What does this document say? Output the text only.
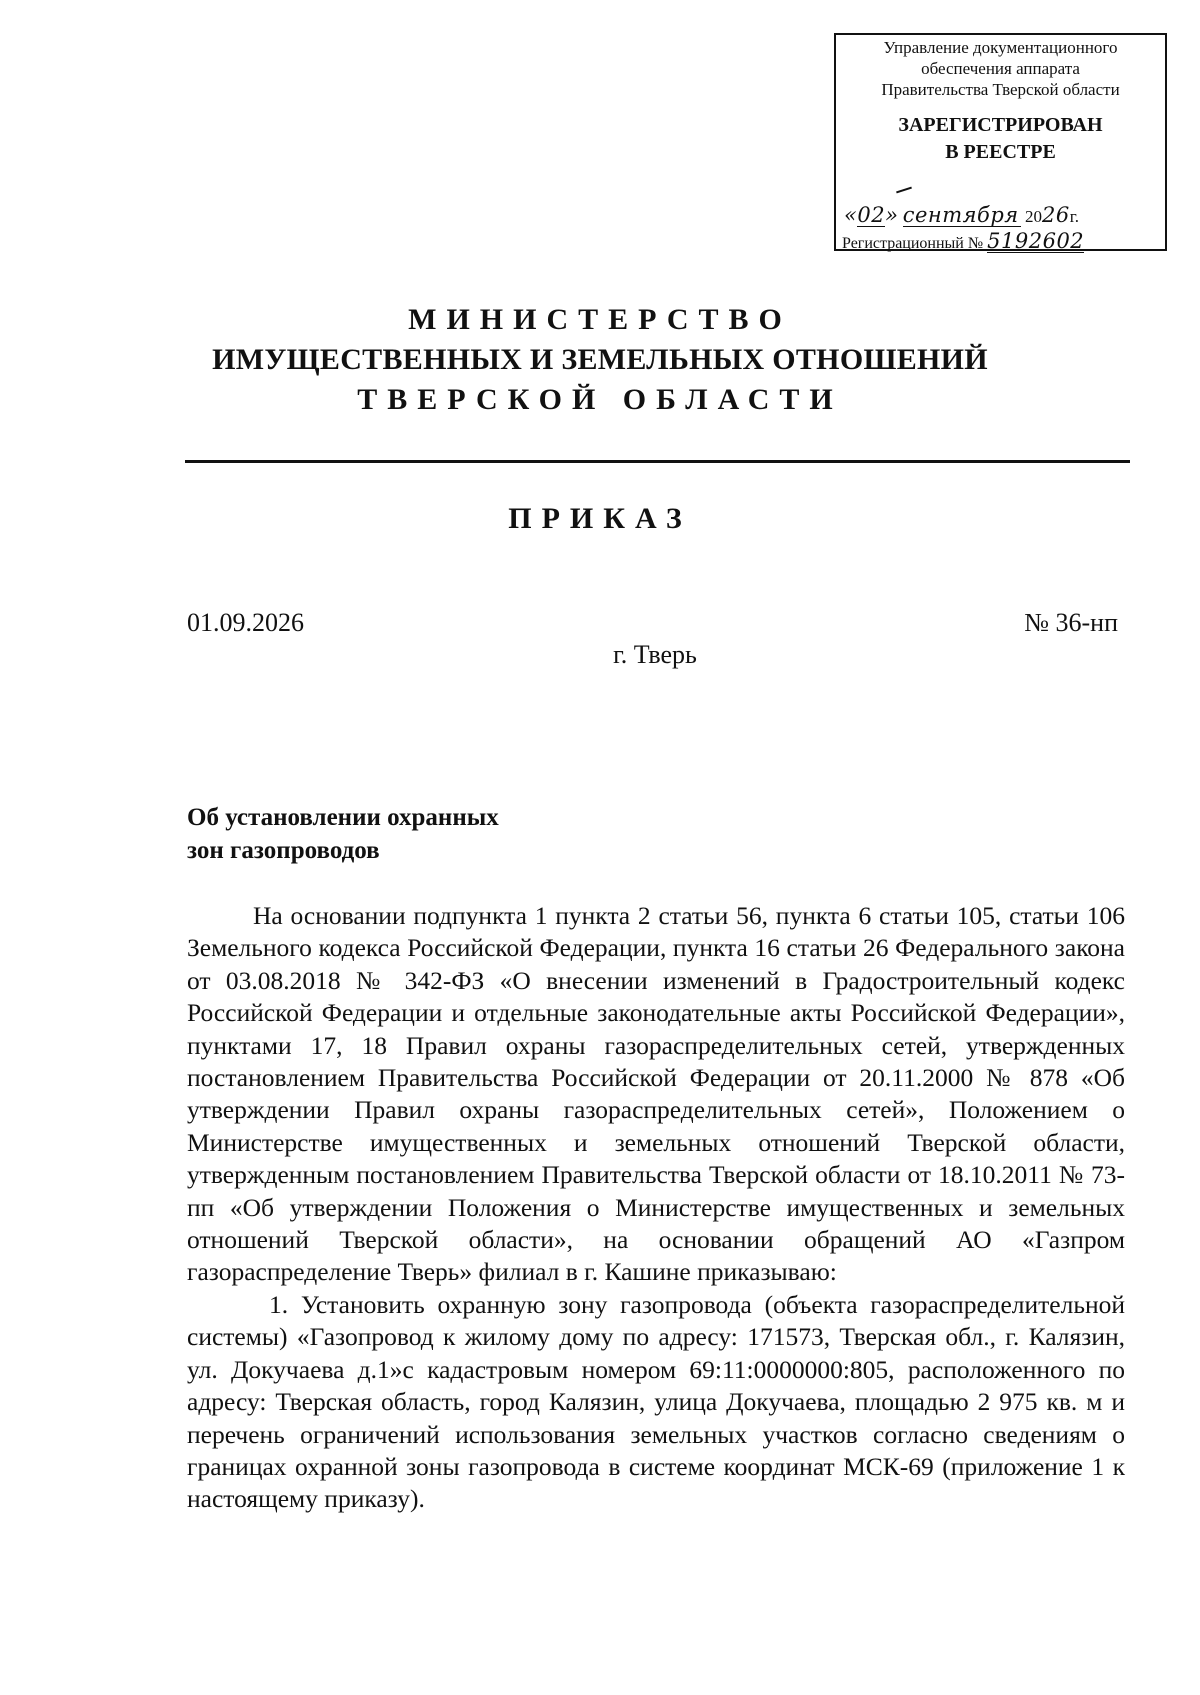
Управление документационного
обеспечения аппарата
Правительства Тверской области
ЗАРЕГИСТРИРОВАН
В РЕЕСТРЕ
«02» сентября 2026г.
Регистрационный № 5192602
МИНИСТЕРСТВО
ИМУЩЕСТВЕННЫХ И ЗЕМЕЛЬНЫХ ОТНОШЕНИЙ
ТВЕРСКОЙ ОБЛАСТИ
ПРИКАЗ
01.09.2026	№ 36-нп
г. Тверь
Об установлении охранных
зон газопроводов

На основании подпункта 1 пункта 2 статьи 56, пункта 6 статьи 105, статьи 106 Земельного кодекса Российской Федерации, пункта 16 статьи 26 Федерального закона от 03.08.2018 № 342-ФЗ «О внесении изменений в Градостроительный кодекс Российской Федерации и отдельные законодательные акты Российской Федерации», пунктами 17, 18 Правил охраны газораспределительных сетей, утвержденных постановлением Правительства Российской Федерации от 20.11.2000 № 878 «Об утверждении Правил охраны газораспределительных сетей», Положением о Министерстве имущественных и земельных отношений Тверской области, утвержденным постановлением Правительства Тверской области от 18.10.2011 № 73-пп «Об утверждении Положения о Министерстве имущественных и земельных отношений Тверской области», на основании обращений АО «Газпром газораспределение Тверь» филиал в г. Кашине приказываю:

1. Установить охранную зону газопровода (объекта газораспределительной системы) «Газопровод к жилому дому по адресу: 171573, Тверская обл., г. Калязин, ул. Докучаева д.1»с кадастровым номером 69:11:0000000:805, расположенного по адресу: Тверская область, город Калязин, улица Докучаева, площадью 2 975 кв. м и перечень ограничений использования земельных участков согласно сведениям о границах охранной зоны газопровода в системе координат МСК-69 (приложение 1 к настоящему приказу).
